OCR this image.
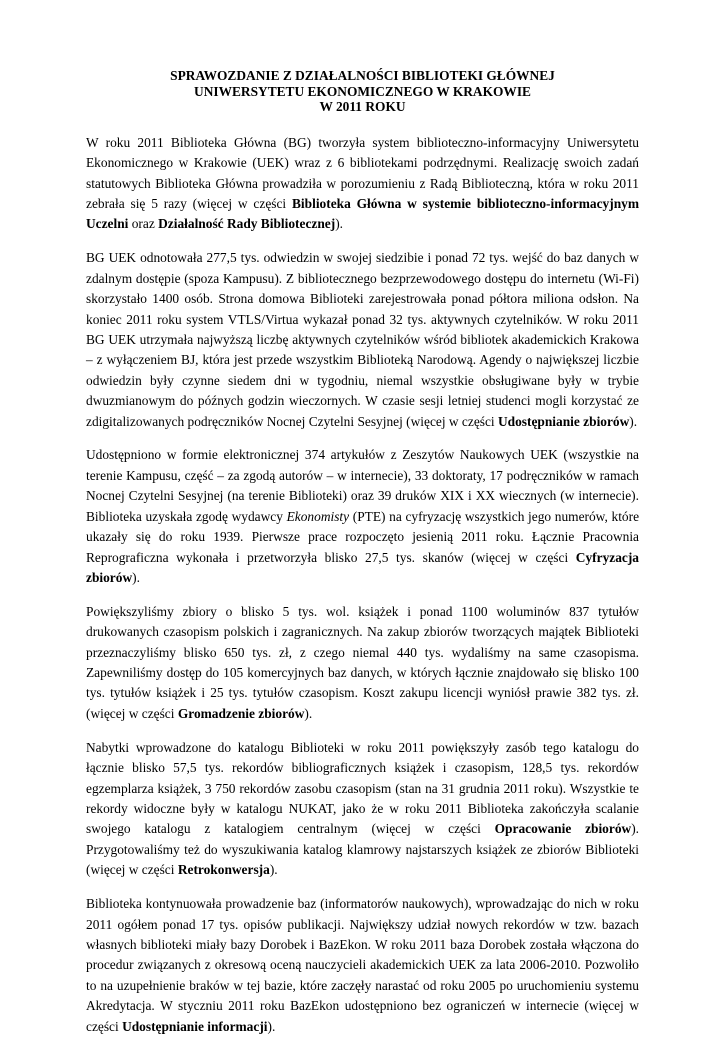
SPRAWOZDANIE Z DZIAŁALNOŚCI BIBLIOTEKI GŁÓWNEJ
UNIWERSYTETU EKONOMICZNEGO W KRAKOWIE
W 2011 ROKU

W roku 2011 Biblioteka Główna (BG) tworzyła system biblioteczno-informacyjny Uniwersytetu Ekonomicznego w Krakowie (UEK) wraz z 6 bibliotekami podrzędnymi. Realizację swoich zadań statutowych Biblioteka Główna prowadziła w porozumieniu z Radą Biblioteczną, która w roku 2011 zebrała się 5 razy (więcej w części Biblioteka Główna w systemie biblioteczno-informacyjnym Uczelni oraz Działalność Rady Bibliotecznej).

BG UEK odnotowała 277,5 tys. odwiedzin w swojej siedzibie i ponad 72 tys. wejść do baz danych w zdalnym dostępie (spoza Kampusu). Z bibliotecznego bezprzewodowego dostępu do internetu (Wi-Fi) skorzystało 1400 osób. Strona domowa Biblioteki zarejestrowała ponad półtora miliona odsłon. Na koniec 2011 roku system VTLS/Virtua wykazał ponad 32 tys. aktywnych czytelników. W roku 2011 BG UEK utrzymała najwyższą liczbę aktywnych czytelników wśród bibliotek akademickich Krakowa – z wyłączeniem BJ, która jest przede wszystkim Biblioteką Narodową. Agendy o największej liczbie odwiedzin były czynne siedem dni w tygodniu, niemal wszystkie obsługiwane były w trybie dwuzmianowym do późnych godzin wieczornych. W czasie sesji letniej studenci mogli korzystać ze zdigitalizowanych podręczników Nocnej Czytelni Sesyjnej (więcej w części Udostępnianie zbiorów).

Udostępniono w formie elektronicznej 374 artykułów z Zeszytów Naukowych UEK (wszystkie na terenie Kampusu, część – za zgodą autorów – w internecie), 33 doktoraty, 17 podręczników w ramach Nocnej Czytelni Sesyjnej (na terenie Biblioteki) oraz 39 druków XIX i XX wiecznych (w internecie). Biblioteka uzyskała zgodę wydawcy Ekonomisty (PTE) na cyfryzację wszystkich jego numerów, które ukazały się do roku 1939. Pierwsze prace rozpoczęto jesienią 2011 roku. Łącznie Pracownia Reprograficzna wykonała i przetworzyła blisko 27,5 tys. skanów (więcej w części Cyfryzacja zbiorów).

Powiększyliśmy zbiory o blisko 5 tys. wol. książek i ponad 1100 woluminów 837 tytułów drukowanych czasopism polskich i zagranicznych. Na zakup zbiorów tworzących majątek Biblioteki przeznaczyliśmy blisko 650 tys. zł, z czego niemal 440 tys. wydaliśmy na same czasopisma. Zapewniliśmy dostęp do 105 komercyjnych baz danych, w których łącznie znajdowało się blisko 100 tys. tytułów książek i 25 tys. tytułów czasopism. Koszt zakupu licencji wyniósł prawie 382 tys. zł. (więcej w części Gromadzenie zbiorów).

Nabytki wprowadzone do katalogu Biblioteki w roku 2011 powiększyły zasób tego katalogu do łącznie blisko 57,5 tys. rekordów bibliograficznych książek i czasopism, 128,5 tys. rekordów egzemplarza książek, 3 750 rekordów zasobu czasopism (stan na 31 grudnia 2011 roku). Wszystkie te rekordy widoczne były w katalogu NUKAT, jako że w roku 2011 Biblioteka zakończyła scalanie swojego katalogu z katalogiem centralnym (więcej w części Opracowanie zbiorów). Przygotowaliśmy też do wyszukiwania katalog klamrowy najstarszych książek ze zbiorów Biblioteki (więcej w części Retrokonwersja).

Biblioteka kontynuowała prowadzenie baz (informatorów naukowych), wprowadzając do nich w roku 2011 ogółem ponad 17 tys. opisów publikacji. Największy udział nowych rekordów w tzw. bazach własnych biblioteki miały bazy Dorobek i BazEkon. W roku 2011 baza Dorobek została włączona do procedur związanych z okresową oceną nauczycieli akademickich UEK za lata 2006-2010. Pozwoliło to na uzupełnienie braków w tej bazie, które zaczęły narastać od roku 2005 po uruchomieniu systemu Akredytacja. W styczniu 2011 roku BazEkon udostępniono bez ograniczeń w internecie (więcej w części Udostępnianie informacji).
